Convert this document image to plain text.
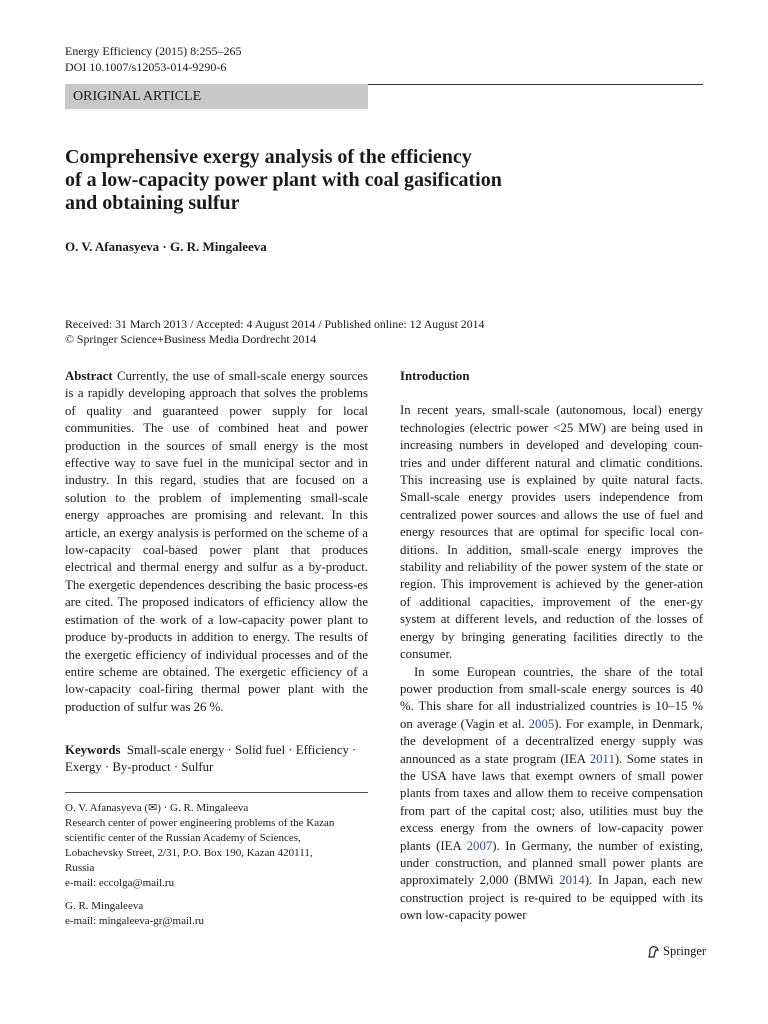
Energy Efficiency (2015) 8:255–265
DOI 10.1007/s12053-014-9290-6
ORIGINAL ARTICLE
Comprehensive exergy analysis of the efficiency
of a low-capacity power plant with coal gasification
and obtaining sulfur
O. V. Afanasyeva · G. R. Mingaleeva
Received: 31 March 2013 / Accepted: 4 August 2014 / Published online: 12 August 2014
© Springer Science+Business Media Dordrecht 2014

Abstract Currently, the use of small-scale energy sources is a rapidly developing approach that solves the problems of quality and guaranteed power supply for local communities. The use of combined heat and power production in the sources of small energy is the most effective way to save fuel in the municipal sector and in industry. In this regard, studies that are focused on a solution to the problem of implementing small-scale energy approaches are promising and relevant. In this article, an exergy analysis is performed on the scheme of a low-capacity coal-based power plant that produces electrical and thermal energy and sulfur as a by-product. The exergetic dependences describing the basic process-es are cited. The proposed indicators of efficiency allow the estimation of the work of a low-capacity power plant to produce by-products in addition to energy. The results of the exergetic efficiency of individual processes and of the entire scheme are obtained. The exergetic efficiency of a low-capacity coal-firing thermal power plant with the production of sulfur was 26 %.

Keywords Small-scale energy · Solid fuel · Efficiency · Exergy · By-product · Sulfur
O. V. Afanasyeva (✉) · G. R. Mingaleeva
Research center of power engineering problems of the Kazan
scientific center of the Russian Academy of Sciences,
Lobachevsky Street, 2/31, P.O. Box 190, Kazan 420111,
Russia
e-mail: eccolga@mail.ru
G. R. Mingaleeva
e-mail: mingaleeva-gr@mail.ru

Introduction

In recent years, small-scale (autonomous, local) energy technologies (electric power <25 MW) are being used in increasing numbers in developed and developing coun-tries and under different natural and climatic conditions. This increasing use is explained by quite natural facts. Small-scale energy provides users independence from centralized power sources and allows the use of fuel and energy resources that are optimal for specific local con-ditions. In addition, small-scale energy improves the stability and reliability of the power system of the state or region. This improvement is achieved by the gener-ation of additional capacities, improvement of the ener-gy system at different levels, and reduction of the losses of energy by bringing generating facilities directly to the consumer.

In some European countries, the share of the total power production from small-scale energy sources is 40 %. This share for all industrialized countries is 10–15 % on average (Vagin et al. 2005). For example, in Denmark, the development of a decentralized energy supply was announced as a state program (IEA 2011). Some states in the USA have laws that exempt owners of small power plants from taxes and allow them to receive compensation from part of the capital cost; also, utilities must buy the excess energy from the owners of low-capacity power plants (IEA 2007). In Germany, the number of existing, under construction, and planned small power plants are approximately 2,000 (BMWi 2014). In Japan, each new construction project is re-quired to be equipped with its own low-capacity power

Springer
